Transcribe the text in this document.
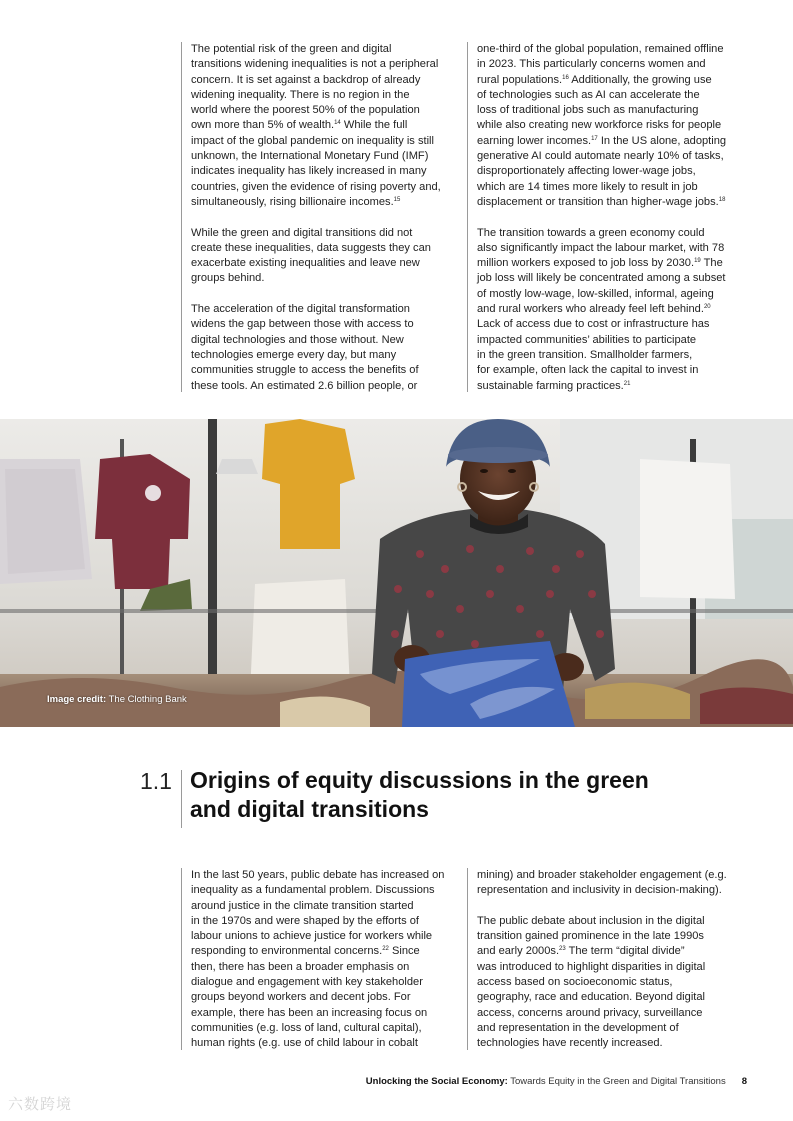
The potential risk of the green and digital
transitions widening inequalities is not a peripheral
concern. It is set against a backdrop of already
widening inequality. There is no region in the
world where the poorest 50% of the population
own more than 5% of wealth.$^{14}$ While the full
impact of the global pandemic on inequality is still
unknown, the International Monetary Fund (IMF)
indicates inequality has likely increased in many
countries, given the evidence of rising poverty and,
simultaneously, rising billionaire incomes.$^{15}$

While the green and digital transitions did not
create these inequalities, data suggests they can
exacerbate existing inequalities and leave new
groups behind.

The acceleration of the digital transformation
widens the gap between those with access to
digital technologies and those without. New
technologies emerge every day, but many
communities struggle to access the benefits of
these tools. An estimated 2.6 billion people, or

one-third of the global population, remained offline
in 2023. This particularly concerns women and
rural populations.$^{16}$ Additionally, the growing use
of technologies such as AI can accelerate the
loss of traditional jobs such as manufacturing
while also creating new workforce risks for people
earning lower incomes.$^{17}$ In the US alone, adopting
generative AI could automate nearly 10% of tasks,
disproportionately affecting lower-wage jobs,
which are 14 times more likely to result in job
displacement or transition than higher-wage jobs.$^{18}$

The transition towards a green economy could
also significantly impact the labour market, with 78
million workers exposed to job loss by 2030.19 The
job loss will likely be concentrated among a subset
of mostly low-wage, low-skilled, informal, ageing
and rural workers who already feel left behind.$^{20}$
Lack of access due to cost or infrastructure has
impacted communities’ abilities to participate
in the green transition. Smallholder farmers,
for example, often lack the capital to invest in
sustainable farming practices.$^{21}$

Image credit: The Clothing Bank
1.1 Origins of equity discussions in the green
and digital transitions

In the last 50 years, public debate has increased on
inequality as a fundamental problem. Discussions
around justice in the climate transition started
in the 1970s and were shaped by the efforts of
labour unions to achieve justice for workers while
responding to environmental concerns.$^{22}$ Since
then, there has been a broader emphasis on
dialogue and engagement with key stakeholder
groups beyond workers and decent jobs. For
example, there has been an increasing focus on
communities (e.g. loss of land, cultural capital),
human rights (e.g. use of child labour in cobalt

mining) and broader stakeholder engagement (e.g.
representation and inclusivity in decision-making).

The public debate about inclusion in the digital
transition gained prominence in the late 1990s
and early 2000s.$^{23}$ The term “digital divide”
was introduced to highlight disparities in digital
access based on socioeconomic status,
geography, race and education. Beyond digital
access, concerns around privacy, surveillance
and representation in the development of
technologies have recently increased.

Unlocking the Social Economy: Towards Equity in the Green and Digital Transitions 8
六数跨境
